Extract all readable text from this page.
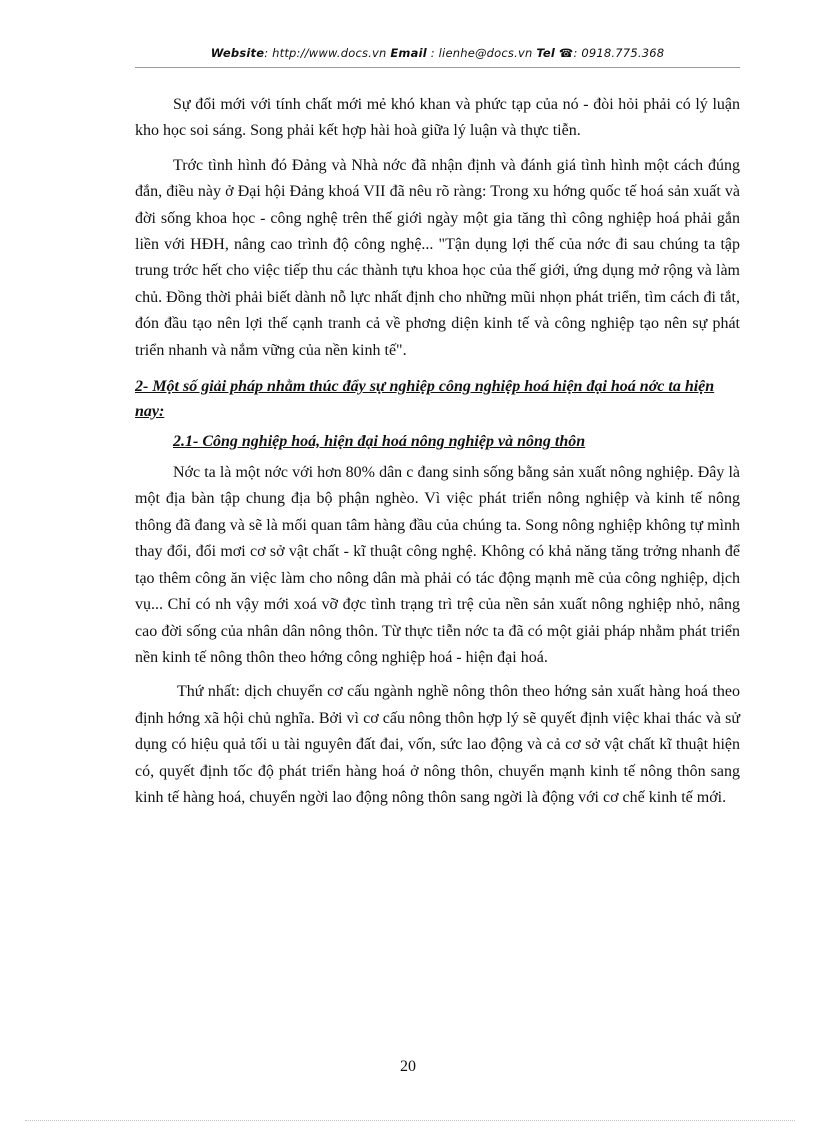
Website: http://www.docs.vn Email : lienhe@docs.vn Tel ☎: 0918.775.368

Sự đổi mới với tính chất mới mẻ khó khan và phức tạp của nó - đòi hỏi phải có lý luận kho học soi sáng. Song phải kết hợp hài hoà giữa lý luận và thực tiễn.

Trớc tình hình đó Đảng và Nhà nớc đã nhận định và đánh giá tình hình một cách đúng đắn, điều này ở Đại hội Đảng khoá VII đã nêu rõ ràng: Trong xu hớng quốc tế hoá sản xuất và đời sống khoa học - công nghệ trên thế giới ngày một gia tăng thì công nghiệp hoá phải gắn liền với HĐH, nâng cao trình độ công nghệ... "Tận dụng lợi thế của nớc đi sau chúng ta tập trung trớc hết cho việc tiếp thu các thành tựu khoa học của thế giới, ứng dụng mở rộng và làm chủ. Đồng thời phải biết dành nỗ lực nhất định cho những mũi nhọn phát triển, tìm cách đi tắt, đón đầu tạo nên lợi thế cạnh tranh cả về phơng diện kinh tế và công nghiệp tạo nên sự phát triển nhanh và nắm vững của nền kinh tế".

2- Một số giải pháp nhằm thúc đẩy sự nghiệp công nghiệp hoá hiện đại hoá nớc ta hiện nay:
2.1- Công nghiệp hoá, hiện đại hoá nông nghiệp và nông thôn

Nớc ta là một nớc với hơn 80% dân c đang sinh sống bằng sản xuất nông nghiệp. Đây là một địa bàn tập chung địa bộ phận nghèo. Vì việc phát triển nông nghiệp và kinh tế nông thông đã đang và sẽ là mối quan tâm hàng đầu của chúng ta. Song nông nghiệp không tự mình thay đổi, đổi mơi cơ sở vật chất - kĩ thuật công nghệ. Không có khả năng tăng trởng nhanh để tạo thêm công ăn việc làm cho nông dân mà phải có tác động mạnh mẽ của công nghiệp, dịch vụ... Chỉ có nh vậy mới xoá vỡ đợc tình trạng trì trệ của nền sản xuất nông nghiệp nhỏ, nâng cao đời sống của nhân dân nông thôn. Từ thực tiễn nớc ta đã có một giải pháp nhằm phát triển nền kinh tế nông thôn theo hớng công nghiệp hoá - hiện đại hoá.

Thứ nhất: dịch chuyển cơ cấu ngành nghề nông thôn theo hớng sản xuất hàng hoá theo định hớng xã hội chủ nghĩa. Bởi vì cơ cấu nông thôn hợp lý sẽ quyết định việc khai thác và sử dụng có hiệu quả tối u tài nguyên đất đai, vốn, sức lao động và cả cơ sở vật chất kĩ thuật hiện có, quyết định tốc độ phát triển hàng hoá ở nông thôn, chuyển mạnh kinh tế nông thôn sang kinh tế hàng hoá, chuyển ngời lao động nông thôn sang ngời là động với cơ chế kinh tế mới.

20
